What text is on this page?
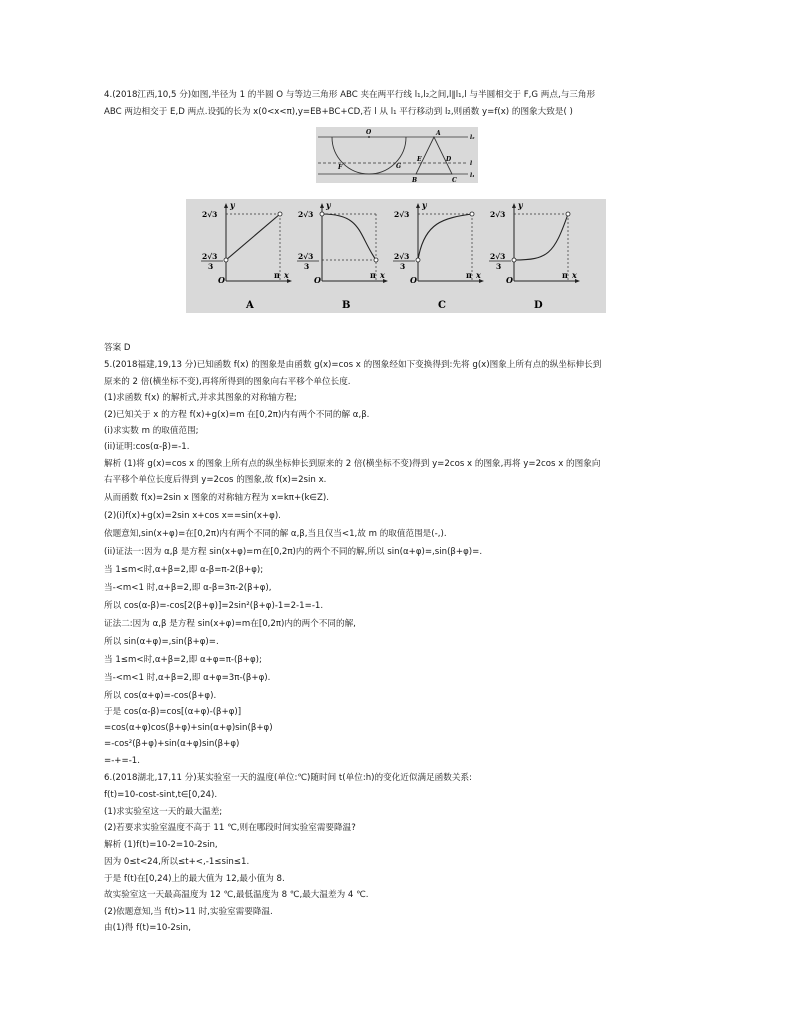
4.(2018江西,10,5 分)如图,半径为 1 的半圆 O 与等边三角形 ABC 夹在两平行线 l₁,l₂之间,l∥l₁,l 与半圆相交于 F,G 两点,与三角形
ABC 两边相交于 E,D 两点.设弧的长为 x(0<x<π),y=EB+BC+CD,若 l 从 l₁ 平行移动到 l₂,则函数 y=f(x) 的图象大致是( )
答案 D
5.(2018福建,19,13 分)已知函数 f(x) 的图象是由函数 g(x)=cos x 的图象经如下变换得到:先将 g(x)图象上所有点的纵坐标伸长到
原来的 2 倍(横坐标不变),再将所得到的图象向右平移个单位长度.
(1)求函数 f(x) 的解析式,并求其图象的对称轴方程;
(2)已知关于 x 的方程 f(x)+g(x)=m 在[0,2π)内有两个不同的解 α,β.
(i)求实数 m 的取值范围;
(ii)证明:cos(α-β)=-1.
解析 (1)将 g(x)=cos x 的图象上所有点的纵坐标伸长到原来的 2 倍(横坐标不变)得到 y=2cos x 的图象,再将 y=2cos x 的图象向
右平移个单位长度后得到 y=2cos 的图象,故 f(x)=2sin x.
从而函数 f(x)=2sin x 图象的对称轴方程为 x=kπ+(k∈Z).
(2)(i)f(x)+g(x)=2sin x+cos x==sin(x+φ).
依题意知,sin(x+φ)=在[0,2π)内有两个不同的解 α,β,当且仅当<1,故 m 的取值范围是(-,).
(ii)证法一:因为 α,β 是方程 sin(x+φ)=m在[0,2π)内的两个不同的解,所以 sin(α+φ)=,sin(β+φ)=.
当 1≤m<时,α+β=2,即 α-β=π-2(β+φ);
当-<m<1 时,α+β=2,即 α-β=3π-2(β+φ),
所以 cos(α-β)=-cos[2(β+φ)]=2sin²(β+φ)-1=2-1=-1.
证法二:因为 α,β 是方程 sin(x+φ)=m在[0,2π)内的两个不同的解,
所以 sin(α+φ)=,sin(β+φ)=.
当 1≤m<时,α+β=2,即 α+φ=π-(β+φ);
当-<m<1 时,α+β=2,即 α+φ=3π-(β+φ).
所以 cos(α+φ)=-cos(β+φ).
于是 cos(α-β)=cos[(α+φ)-(β+φ)]
=cos(α+φ)cos(β+φ)+sin(α+φ)sin(β+φ)
=-cos²(β+φ)+sin(α+φ)sin(β+φ)
=-+=-1.
6.(2018湖北,17,11 分)某实验室一天的温度(单位:℃)随时间 t(单位:h)的变化近似满足函数关系:
f(t)=10-cost-sint,t∈[0,24).
(1)求实验室这一天的最大温差;
(2)若要求实验室温度不高于 11 ℃,则在哪段时间实验室需要降温?
解析 (1)f(t)=10-2=10-2sin,
因为 0≤t<24,所以≤t+<,-1≤sin≤1.
于是 f(t)在[0,24)上的最大值为 12,最小值为 8.
故实验室这一天最高温度为 12 ℃,最低温度为 8 ℃,最大温差为 4 ℃.
(2)依题意知,当 f(t)>11 时,实验室需要降温.
由(1)得 f(t)=10-2sin,
O	A
E	D
F	G
B	C
l₂
l
l₁
2√3
2√3
3
y
x
O	π
A
2√3
2√3
3
y
x
O	π
B
2√3
2√3
3
y
x
O	π
C
2√3
2√3
3
y
x
O	π
D
